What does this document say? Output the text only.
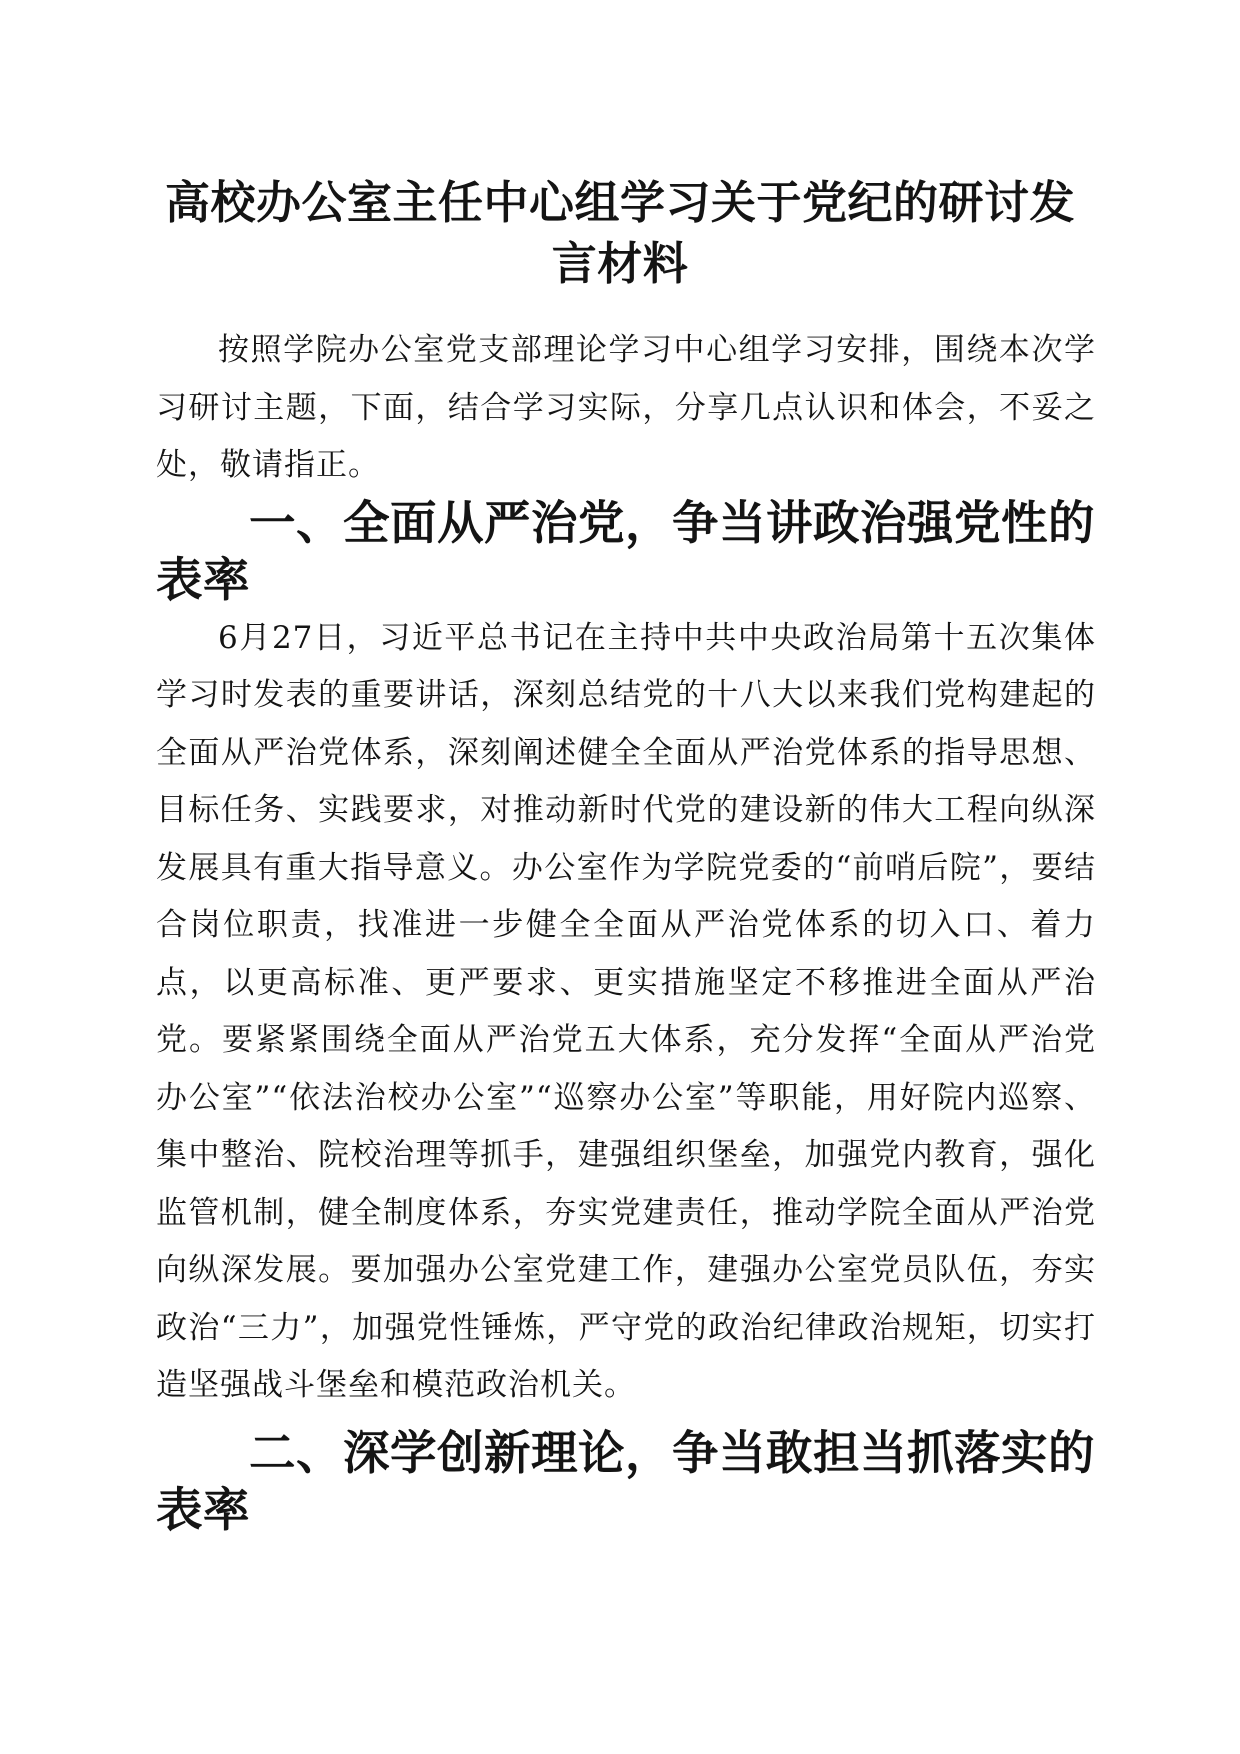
高校办公室主任中心组学习关于党纪的研讨发言材料

按照学院办公室党支部理论学习中心组学习安排，围绕本次学习研讨主题，下面，结合学习实际，分享几点认识和体会，不妥之处，敬请指正。

一、全面从严治党，争当讲政治强党性的表率

6月27日，习近平总书记在主持中共中央政治局第十五次集体学习时发表的重要讲话，深刻总结党的十八大以来我们党构建起的全面从严治党体系，深刻阐述健全全面从严治党体系的指导思想、目标任务、实践要求，对推动新时代党的建设新的伟大工程向纵深发展具有重大指导意义。办公室作为学院党委的“前哨后院”，要结合岗位职责，找准进一步健全全面从严治党体系的切入口、着力点，以更高标准、更严要求、更实措施坚定不移推进全面从严治党。要紧紧围绕全面从严治党五大体系，充分发挥“全面从严治党办公室”“依法治校办公室”“巡察办公室”等职能，用好院内巡察、集中整治、院校治理等抓手，建强组织堡垒，加强党内教育，强化监管机制，健全制度体系，夯实党建责任，推动学院全面从严治党向纵深发展。要加强办公室党建工作，建强办公室党员队伍，夯实政治“三力”，加强党性锤炼，严守党的政治纪律政治规矩，切实打造坚强战斗堡垒和模范政治机关。

二、深学创新理论，争当敢担当抓落实的表率
